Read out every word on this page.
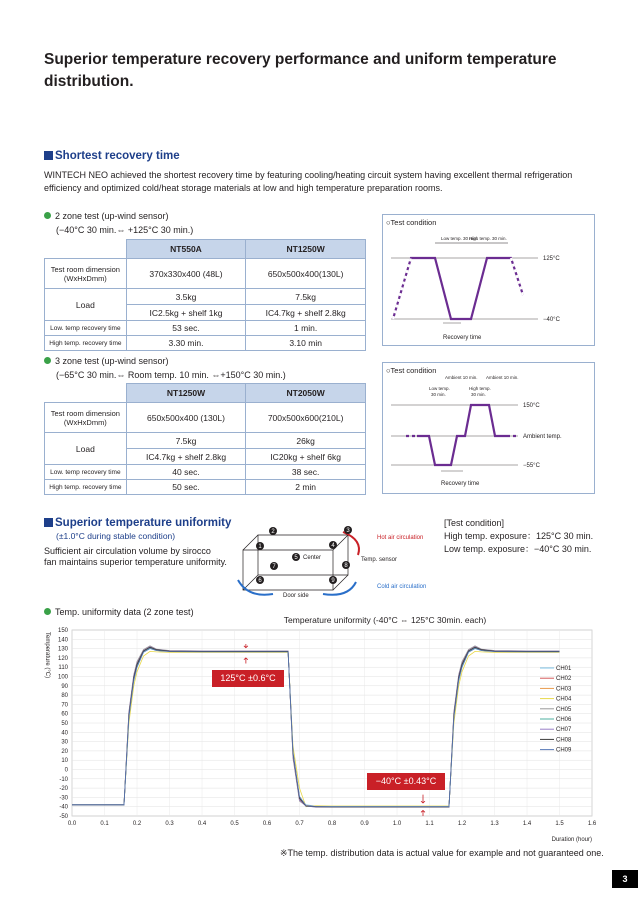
Superior temperature recovery performance and uniform temperature distribution.
Shortest recovery time
WINTECH NEO achieved the shortest recovery time by featuring cooling/heating circuit system having excellent thermal refrigeration efficiency and optimized cold/heat storage materials at low and high temperature preparation rooms.
2 zone test (up-wind sensor)
(−40°C 30 min.⇔ +125°C 30 min.)
	NT550A	NT1250W

Test room dimension
(WxHxDmm)	370x330x400 (48L)	650x500x400(130L)
Load	3.5kg	7.5kg
	IC2.5kg + shelf 1kg	IC4.7kg + shelf 2.8kg
Low. temp recovery time	53 sec.	1 min.
High temp. recovery time	3.30 min.	3.10 min
○Test condition
Low temp. 30 min.
High temp. 30 min.
125°C
−40°C
Recovery time
3 zone test (up-wind sensor)
(−65°C 30 min.⇔ Room temp. 10 min. ⇔+150°C 30 min.)
	NT1250W	NT2050W

Test room dimension
(WxHxDmm)	650x500x400 (130L)	700x500x600(210L)
Load	7.5kg	26kg
	IC4.7kg + shelf 2.8kg	IC20kg + shelf 6kg
Low. temp recovery time	40 sec.	38 sec.
High temp. recovery time	50 sec.	2 min
○Test condition
Ambient 10 min. Ambient 10 min.
Low temp.
30 min.
High temp.
30 min.
150°C
Ambient temp.
−55°C
Recovery time
Superior temperature uniformity
(±1.0°C during stable condition)
Sufficient air circulation volume by sirocco
fan maintains superior temperature uniformity.
2	3
1	4
5
7	8
6	9
Center
Hot air circulation
Temp. sensor
Cold air circulation
Door side
[Test condition]
High temp. exposure：125°C 30 min.
Low temp. exposure：−40°C 30 min.
Temp. uniformity data (2 zone test)
Temperature uniformity (-40°C ⇔ 125°C 30min. each)
150
140
130
120
110
100
90
80
70
60
50
40
30
20
10
0
-10
-20
-30
-40
-50
0.0	0.1	0.2	0.3	0.4	0.5	0.6	0.7	0.8	0.9	1.0	1.1	1.2	1.3	1.4	1.5	1.6
Temperature (°C)
Duration (hour)
CH01
CH02
CH03
CH04
CH05
CH06
CH07
CH08
CH09
125°C ±0.6°C
−40°C ±0.43°C
※The temp. distribution data is actual value for example and not guaranteed one.
3
